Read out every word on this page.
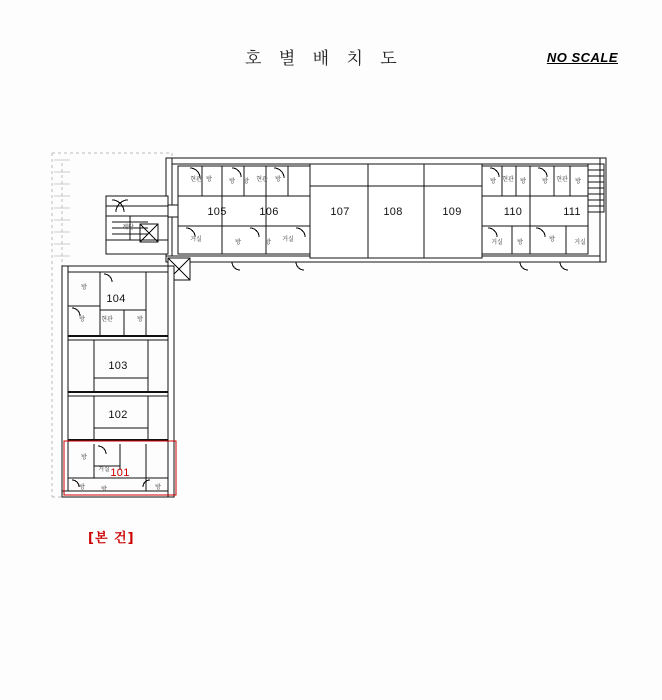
호 별 배 치 도	NO SCALE
105	106	107	108	109	110	111
104
103
102
101
계단
현관 방
거실
방 방
방
현관 방
거실
방
방 현관 방	방 현관 방
거실 방	방	거실
방
방	현관	방
방
거실
방	방	방
[본 건]
